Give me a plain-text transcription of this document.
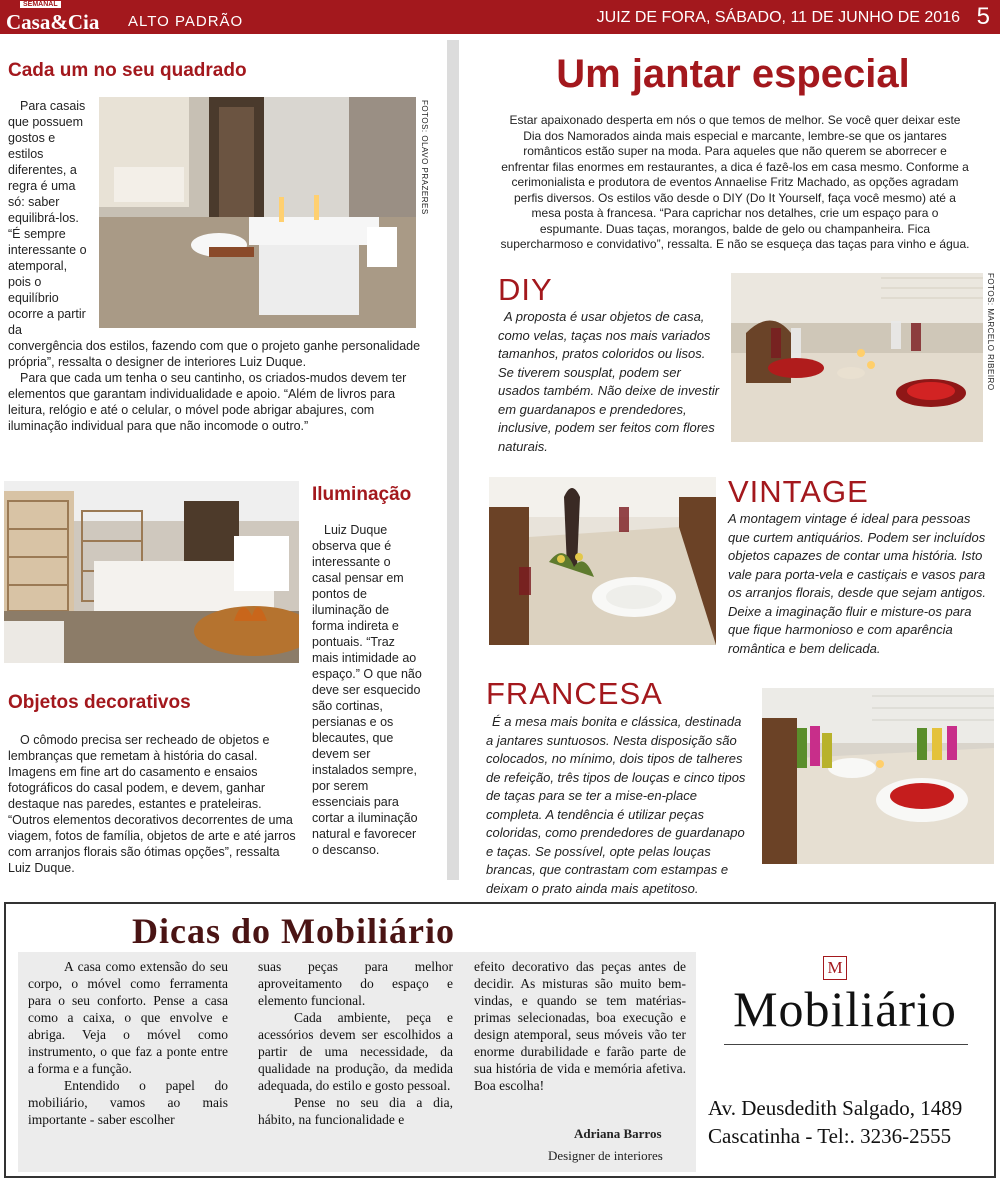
SEMANAL
Casa&Cia ALTO PADRÃO	JUIZ DE FORA, SÁBADO, 11 DE JUNHO DE 2016 5
Cada um no seu quadrado

Para casais que possuem gostos e estilos diferentes, a regra é uma só: saber equilibrá-los. “É sempre interessante o atemporal, pois o equilíbrio ocorre a partir da

FOTOS: OLAVO PRAZERES

convergência dos estilos, fazendo com que o projeto ganhe personalidade própria”, ressalta o designer de interiores Luiz Duque.

Para que cada um tenha o seu cantinho, os criados-mudos devem ter elementos que garantam individualidade e apoio. “Além de livros para leitura, relógio e até o celular, o móvel pode abrigar abajures, com iluminação individual para que não incomode o outro.”

Iluminação

Luiz Duque observa que é interessante o casal pensar em pontos de iluminação de forma indireta e pontuais. “Traz mais intimidade ao espaço.” O que não deve ser esquecido são cortinas, persianas e os blecautes, que devem ser instalados sempre, por serem essenciais para cortar a iluminação natural e favorecer o descanso.

Objetos decorativos

O cômodo precisa ser recheado de objetos e lembranças que remetam à história do casal. Imagens em fine art do casamento e ensaios fotográficos do casal podem, e devem, ganhar destaque nas paredes, estantes e prateleiras. “Outros elementos decorativos decorrentes de uma viagem, fotos de família, objetos de arte e até jarros com arranjos florais são ótimas opções”, ressalta Luiz Duque.

Um jantar especial
Estar apaixonado desperta em nós o que temos de melhor. Se você quer deixar este Dia dos Namorados ainda mais especial e marcante, lembre-se que os jantares românticos estão super na moda. Para aqueles que não querem se aborrecer e enfrentar filas enormes em restaurantes, a dica é fazê-los em casa mesmo. Conforme a cerimonialista e produtora de eventos Annaelise Fritz Machado, as opções agradam perfis diversos. Os estilos vão desde o DIY (Do It Yourself, faça você mesmo) até a mesa posta à francesa. “Para caprichar nos detalhes, crie um espaço para o espumante. Duas taças, morangos, balde de gelo ou champanheira. Fica supercharmoso e convidativo”, ressalta. E não se esqueça das taças para vinho e água.
DIY

A proposta é usar objetos de casa, como velas, taças nos mais variados tamanhos, pratos coloridos ou lisos. Se tiverem sousplat, podem ser usados também. Não deixe de investir em guardanapos e prendedores, inclusive, podem ser feitos com flores naturais.

FOTOS: MARCELO RIBEIRO
VINTAGE

A montagem vintage é ideal para pessoas que curtem antiquários. Podem ser incluídos objetos capazes de contar uma história. Isto vale para porta-vela e castiçais e vasos para os arranjos florais, desde que sejam antigos. Deixe a imaginação fluir e misture-os para que fique harmonioso e com aparência romântica e bem delicada.

FRANCESA

É a mesa mais bonita e clássica, destinada a jantares suntuosos. Nesta disposição são colocados, no mínimo, dois tipos de talheres de refeição, três tipos de louças e cinco tipos de taças para se ter a mise-en-place completa. A tendência é utilizar peças coloridas, como prendedores de guardanapo e taças. Se possível, opte pelas louças brancas, que contrastam com estampas e deixam o prato ainda mais apetitoso.

Dicas do Mobiliário

A casa como extensão do seu corpo, o móvel como ferramenta para o seu conforto. Pense a casa como a caixa, o que envolve e abriga. Veja o móvel como instrumento, o que faz a ponte entre a forma e a função.

Entendido o papel do mobiliário, vamos ao mais importante - saber escolher

suas peças para melhor aproveitamento do espaço e elemento funcional.

Cada ambiente, peça e acessórios devem ser escolhidos a partir de uma necessidade, da qualidade na produção, da medida adequada, do estilo e gosto pessoal.

Pense no seu dia a dia, hábito, na funcionalidade e

efeito decorativo das peças antes de decidir. As misturas são muito bem-vindas, e quando se tem matérias-primas selecionadas, boa execução e design atemporal, seus móveis vão ter enorme durabilidade e farão parte de sua história de vida e memória afetiva. Boa escolha!

Adriana Barros
Designer de interiores
M
Mobiliário
Av. Deusdedith Salgado, 1489
Cascatinha - Tel:. 3236-2555
